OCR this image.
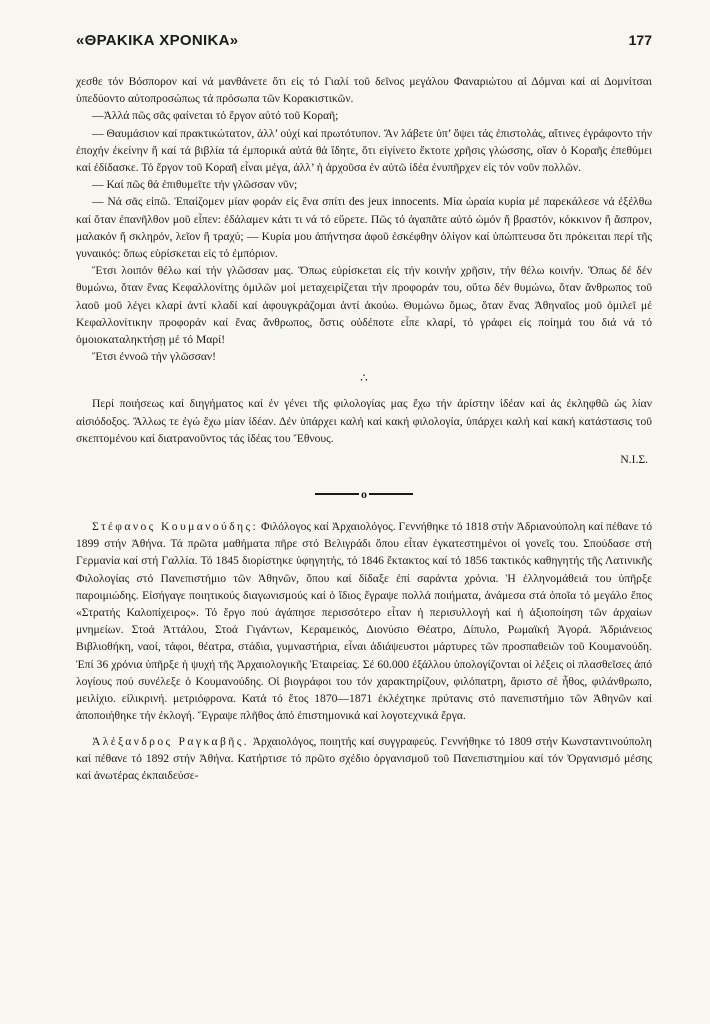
«ΘΡΑΚΙΚΑ ΧΡΟΝΙΚΑ»	177

χεσθε τόν Βόσπορον καί νά μανθάνετε ὅτι εἰς τό Γιαλί τοῦ δεῖνος μεγάλου Φαναριώτου αἱ Δόμναι καί αἱ Δομνίτσαι ὑπεδύοντο αὐτοπροσώπως τά πρόσωπα τῶν Κορακιστικῶν.

—Ἀλλά πῶς σᾶς φαίνεται τό ἔργον αὐτό τοῦ Κοραῆ;

— Θαυμάσιον καί πρακτικώτατον, ἀλλ’ οὐχί καί πρωτότυπον. Ἄν λάβετε ὑπ’ ὄψει τάς ἐπιστολάς, αἵτινες ἐγράφοντο τήν ἐποχήν ἐκείνην ἤ καί τά βιβλία τά ἐμπορικά αὐτά θά ἴδητε, ὅτι εἰγίνετο ἔκτοτε χρῆσις γλώσσης, οἵαν ὁ Κοραῆς ἐπεθύμει καί ἐδίδασκε. Τό ἔργον τοῦ Κοραῆ εἶναι μέγα, ἀλλ’ ἡ ἀρχοῦσα ἐν αὐτῶ ἰδέα ἐνυπῆρχεν εἰς τόν νοῦν πολλῶν.

— Καί πῶς θά ἐπιθυμεῖτε τήν γλῶσσαν νῦν;

— Νά σᾶς εἰπῶ. Ἐπαίζομεν μίαν φοράν εἰς ἕνα σπίτι des jeux innocents. Μία ὡραία κυρία μέ παρεκάλεσε νά ἐξέλθω καί ὅταν ἐπανῆλθον μοῦ εἶπεν: ἐδάλαμεν κάτι τι νά τό εὕρετε. Πῶς τό ἀγαπᾶτε αὐτό ὠμόν ἤ βραστόν, κόκκινον ἤ ἄσπρον, μαλακόν ἤ σκληρόν, λεῖον ἤ τραχύ; — Κυρία μου ἀπήντησα ἀφοῦ ἐσκέφθην ὀλίγον καί ὑπώπτευσα ὅτι πρόκειται περί τῆς γυναικός: ὅπως εὑρίσκεται εἰς τό ἐμπόριον.

Ἔτσι λοιπόν θέλω καί τήν γλῶσσαν μας. Ὅπως εὑρίσκεται εἰς τήν κοινήν χρῆσιν, τήν θέλω κοινήν. Ὅπως δέ δέν θυμώνω, ὅταν ἕνας Κεφαλλονίτης ὁμιλῶν μοί μεταχειρίζεται τήν προφοράν του, οὕτω δέν θυμώνω, ὅταν ἄνθρωπος τοῦ λαοῦ μοῦ λέγει κλαρί ἀντί κλαδί καί ἀφουγκράζομαι ἀντί ἀκούω. Θυμώνω ὅμως, ὅταν ἕνας Ἀθηναῖος μοῦ ὁμιλεῖ μέ Κεφαλλονίτικην προφοράν καί ἕνας ἄνθρωπος, ὅστις οὐδέποτε εἶπε κλαρί, τό γράφει εἰς ποίημά του διά νά τό ὁμοιοκαταληκτήσῃ μέ τό Μαρί!

Ἔτσι ἐννοῶ τήν γλῶσσαν!

∴

Περί ποιήσεως καί διηγήματος καί ἐν γένει τῆς φιλολογίας μας ἔχω τήν ἀρίστην ἰδέαν καί ἀς ἐκληφθῶ ὡς λίαν αἱσιόδοξος. Ἄλλως τε ἐγώ ἔχω μίαν ἰδέαν. Δέν ὑπάρχει καλή καί κακή φιλολογία, ὑπάρχει καλή καί κακή κατάστασις τοῦ σκεπτομένου καί διατρανοῦντος τάς ἰδέας του Ἔθνους.

Ν.Ι.Σ.
o

Στέφανος Κουμανούδης: Φιλόλογος καί Ἀρχαιολόγος. Γεννήθηκε τό 1818 στήν Ἀδριανούπολη καί πέθανε τό 1899 στήν Ἀθήνα. Τά πρῶτα μαθήματα πῆρε στό Βελιγράδι ὅπου εἶταν ἐγκατεστημένοι οἱ γονεῖς του. Σπούδασε στή Γερμανία καί στή Γαλλία. Τό 1845 διορίστηκε ὑφηγητής, τό 1846 ἔκτακτος καί τό 1856 τακτικός καθηγητής τῆς Λατινικῆς Φιλολογίας στό Πανεπιστήμιο τῶν Ἀθηνῶν, ὅπου καί δίδαξε ἐπί σαράντα χρόνια. Ἡ ἑλληνομάθειά του ὑπῆρξε παροιμιώδης. Εἰσήγαγε ποιητικούς διαγωνισμούς καί ὁ ἴδιος ἔγραψε πολλά ποιήματα, ἀνάμεσα στά ὁποῖα τό μεγάλο ἔπος «Στρατής Καλοπίχειρος». Τό ἔργο πού ἀγάπησε περισσότερο εἶταν ἡ περισυλλογή καί ἡ ἀξιοποίηση τῶν ἀρχαίων μνημείων. Στοά Ἀττάλου, Στοά Γιγάντων, Κεραμεικός, Διονύσιο Θέατρο, Δίπυλο, Ρωμαϊκή Ἀγορά. Ἀδριάνειος Βιβλιοθήκη, ναοί, τάφοι, θέατρα, στάδια, γυμναστήρια, εἶναι ἀδιάψευστοι μάρτυρες τῶν προσπαθειῶν τοῦ Κουμανούδη. Ἐπί 36 χρόνια ὑπῆρξε ἡ ψυχή τῆς Ἀρχαιολογικῆς Ἑταιρείας. Σέ 60.000 ἐξάλλου ὑπολογίζονται οἱ λέξεις οἱ πλασθεῖσες ἀπό λογίους πού συνέλεξε ὁ Κουμανούδης. Οἱ βιογράφοι του τόν χαρακτηρίζουν, φιλόπατρη, ἄριστο σέ ἦθος, φιλάνθρωπο, μειλίχιο. εἰλικρινή. μετριόφρονα. Κατά τό ἔτος 1870—1871 ἐκλέχτηκε πρύτανις στό πανεπιστήμιο τῶν Ἀθηνῶν καί ἀποποιήθηκε τήν ἐκλογή. Ἔγραψε πλῆθος ἀπό ἐπιστημονικά καί λογοτεχνικά ἔργα.

Ἀλέξανδρος Ραγκαβῆς. Ἀρχαιολόγος, ποιητής καί συγγραφεύς. Γεννήθηκε τό 1809 στήν Κωνσταντινούπολη καί πέθανε τό 1892 στήν Ἀθήνα. Κατήρτισε τό πρῶτο σχέδιο ὀργανισμοῦ τοῦ Πανεπιστημίου καί τόν Ὀργανισμό μέσης καί ἀνωτέρας ἐκπαιδεύσε-
